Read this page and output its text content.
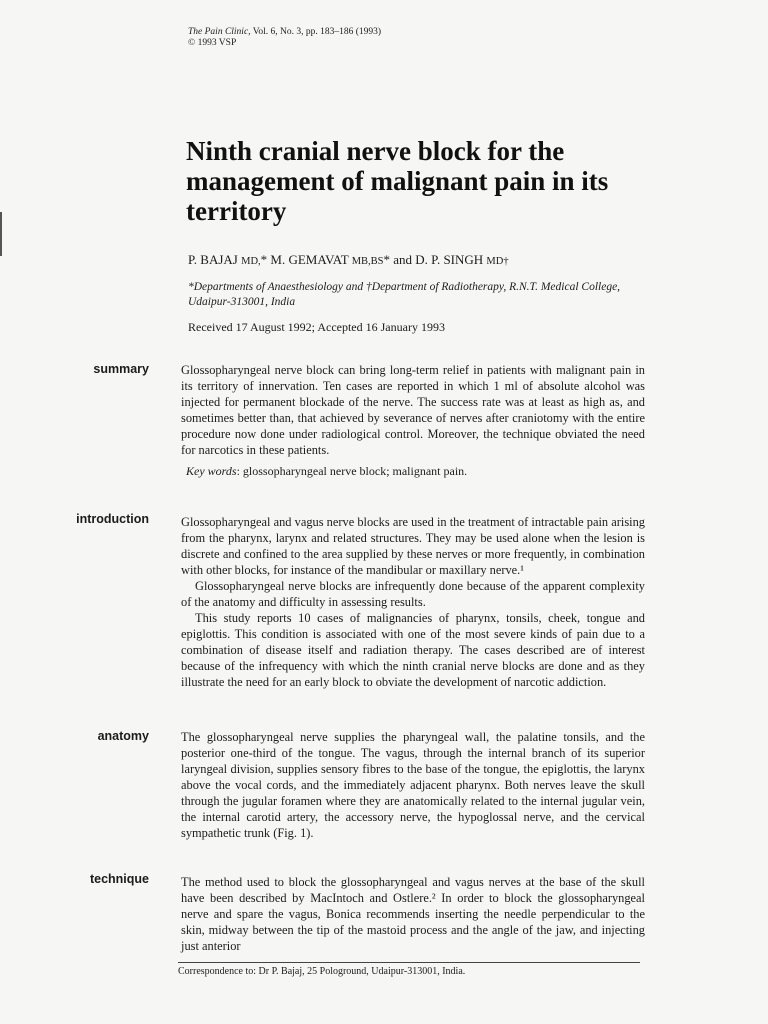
The Pain Clinic, Vol. 6, No. 3, pp. 183–186 (1993)
© 1993 VSP
Ninth cranial nerve block for the management of malignant pain in its territory
P. BAJAJ MD,* M. GEMAVAT MB,BS* and D. P. SINGH MD†
*Departments of Anaesthesiology and †Department of Radiotherapy, R.N.T. Medical College, Udaipur-313001, India
Received 17 August 1992; Accepted 16 January 1993
summary	Glossopharyngeal nerve block can bring long-term relief in patients with malignant pain in its territory of innervation. Ten cases are reported in which 1 ml of absolute alcohol was injected for permanent blockade of the nerve. The success rate was at least as high as, and sometimes better than, that achieved by severance of nerves after craniotomy with the entire procedure now done under radiological control. Moreover, the technique obviated the need for narcotics in these patients.

Key words: glossopharyngeal nerve block; malignant pain.
introduction	Glossopharyngeal and vagus nerve blocks are used in the treatment of intractable pain arising from the pharynx, larynx and related structures. They may be used alone when the lesion is discrete and confined to the area supplied by these nerves or more frequently, in combination with other blocks, for instance of the mandibular or maxillary nerve.¹

Glossopharyngeal nerve blocks are infrequently done because of the apparent complexity of the anatomy and difficulty in assessing results.

This study reports 10 cases of malignancies of pharynx, tonsils, cheek, tongue and epiglottis. This condition is associated with one of the most severe kinds of pain due to a combination of disease itself and radiation therapy. The cases described are of interest because of the infrequency with which the ninth cranial nerve blocks are done and as they illustrate the need for an early block to obviate the development of narcotic addiction.

anatomy	The glossopharyngeal nerve supplies the pharyngeal wall, the palatine tonsils, and the posterior one-third of the tongue. The vagus, through the internal branch of its superior laryngeal division, supplies sensory fibres to the base of the tongue, the epiglottis, the larynx above the vocal cords, and the immediately adjacent pharynx. Both nerves leave the skull through the jugular foramen where they are anatomically related to the internal jugular vein, the internal carotid artery, the accessory nerve, the hypoglossal nerve, and the cervical sympathetic trunk (Fig. 1).

technique	The method used to block the glossopharyngeal and vagus nerves at the base of the skull have been described by MacIntoch and Ostlere.² In order to block the glossopharyngeal nerve and spare the vagus, Bonica recommends inserting the needle perpendicular to the skin, midway between the tip of the mastoid process and the angle of the jaw, and injecting just anterior

Correspondence to: Dr P. Bajaj, 25 Pologround, Udaipur-313001, India.
